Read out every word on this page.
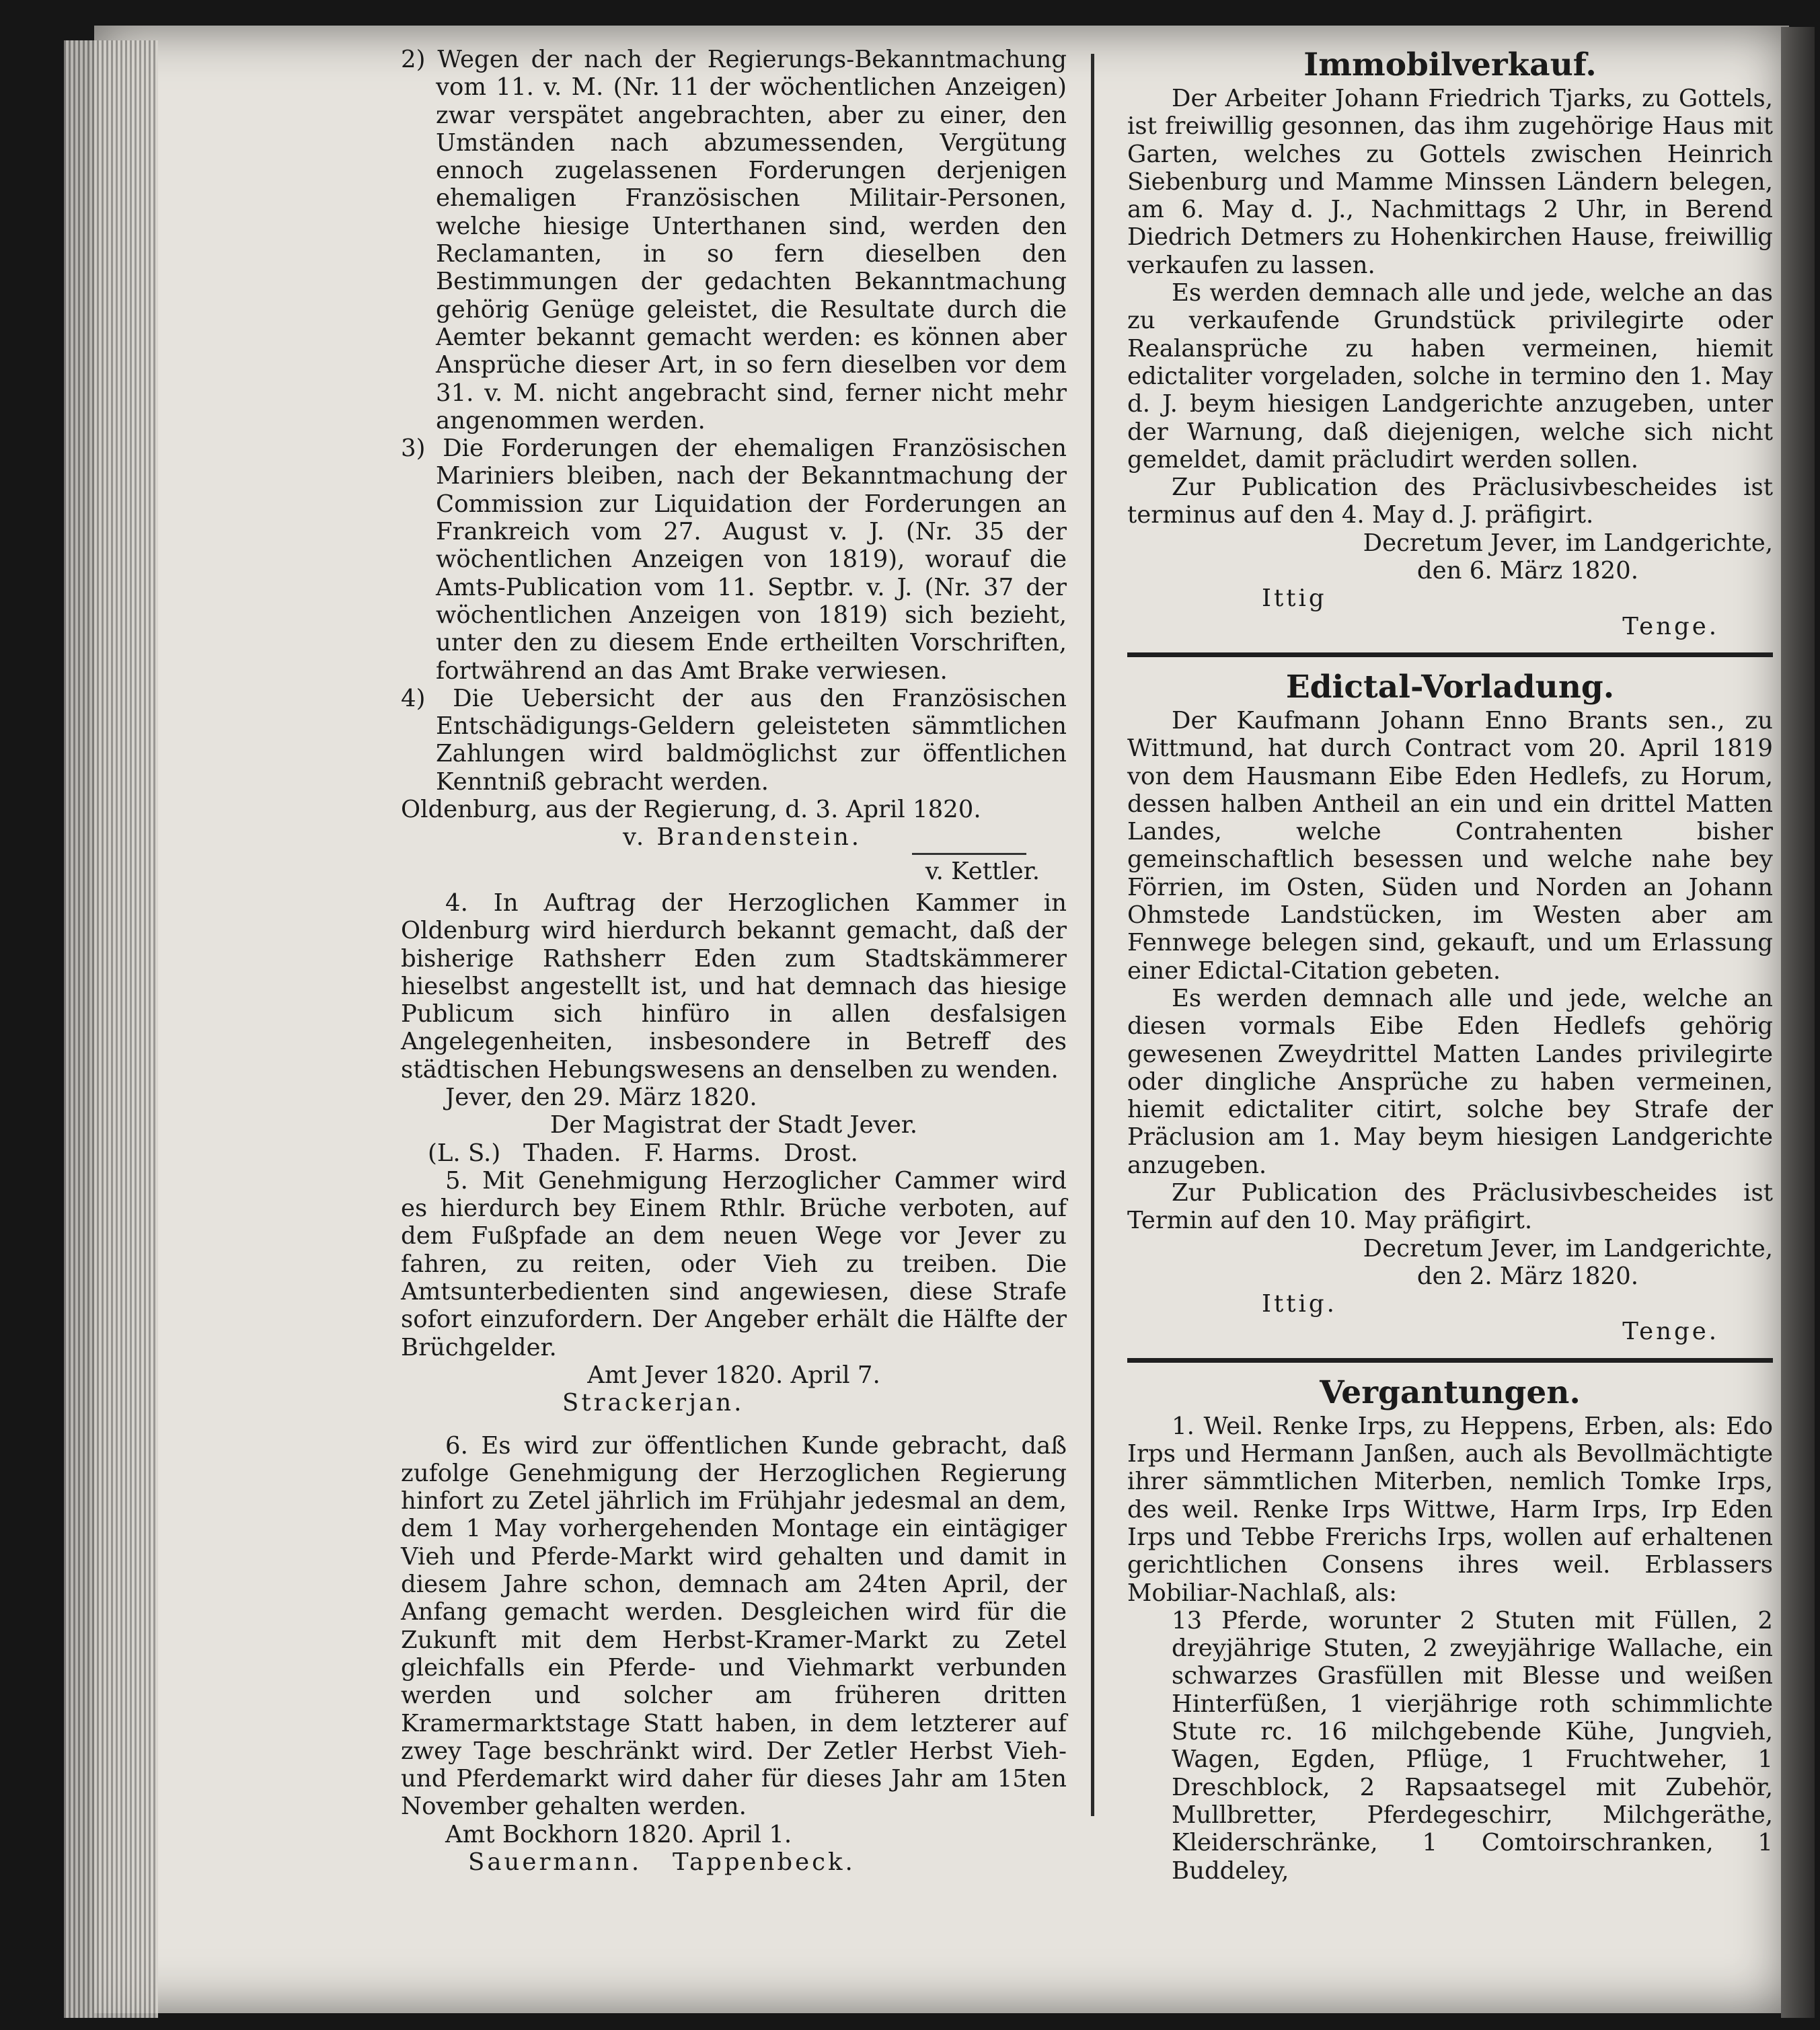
2) Wegen der nach der Regierungs-Bekanntmachung vom 11. v. M. (Nr. 11 der wöchentlichen Anzeigen) zwar verspätet angebrachten, aber zu einer, den Umständen nach abzumessenden, Vergütung ennoch zugelassenen Forderungen derjenigen ehemaligen Französischen Militair-Personen, welche hiesige Unterthanen sind, werden den Reclamanten, in so fern dieselben den Bestimmungen der gedachten Bekanntmachung gehörig Genüge geleistet, die Resultate durch die Aemter bekannt gemacht werden: es können aber Ansprüche dieser Art, in so fern dieselben vor dem 31. v. M. nicht angebracht sind, ferner nicht mehr angenommen werden.

3) Die Forderungen der ehemaligen Französischen Mariniers bleiben, nach der Bekanntmachung der Commission zur Liquidation der Forderungen an Frankreich vom 27. August v. J. (Nr. 35 der wöchentlichen Anzeigen von 1819), worauf die Amts-Publication vom 11. Septbr. v. J. (Nr. 37 der wöchentlichen Anzeigen von 1819) sich bezieht, unter den zu diesem Ende ertheilten Vorschriften, fortwährend an das Amt Brake verwiesen.

4) Die Uebersicht der aus den Französischen Entschädigungs-Geldern geleisteten sämmtlichen Zahlungen wird baldmöglichst zur öffentlichen Kenntniß gebracht werden.

Oldenburg, aus der Regierung, d. 3. April 1820.

v. Brandenstein.

v. Kettler.

4. In Auftrag der Herzoglichen Kammer in Oldenburg wird hierdurch bekannt gemacht, daß der bisherige Rathsherr Eden zum Stadtskämmerer hieselbst angestellt ist, und hat demnach das hiesige Publicum sich hinfüro in allen desfalsigen Angelegenheiten, insbesondere in Betreff des städtischen Hebungswesens an denselben zu wenden.

Jever, den 29. März 1820.

Der Magistrat der Stadt Jever.

(L. S.)   Thaden.   F. Harms.   Drost.

5. Mit Genehmigung Herzoglicher Cammer wird es hierdurch bey Einem Rthlr. Brüche verboten, auf dem Fußpfade an dem neuen Wege vor Jever zu fahren, zu reiten, oder Vieh zu treiben. Die Amtsunterbedienten sind angewiesen, diese Strafe sofort einzufordern. Der Angeber erhält die Hälfte der Brüchgelder.

Amt Jever 1820. April 7.

Strackerjan.

6. Es wird zur öffentlichen Kunde gebracht, daß zufolge Genehmigung der Herzoglichen Regierung hinfort zu Zetel jährlich im Frühjahr jedesmal an dem, dem 1 May vorhergehenden Montage ein eintägiger Vieh und Pferde-Markt wird gehalten und damit in diesem Jahre schon, demnach am 24ten April, der Anfang gemacht werden. Desgleichen wird für die Zukunft mit dem Herbst-Kramer-Markt zu Zetel gleichfalls ein Pferde- und Viehmarkt verbunden werden und solcher am früheren dritten Kramermarktstage Statt haben, in dem letzterer auf zwey Tage beschränkt wird. Der Zetler Herbst Vieh- und Pferdemarkt wird daher für dieses Jahr am 15ten November gehalten werden.

Amt Bockhorn 1820. April 1.

Sauermann.   Tappenbeck.

Immobilverkauf.

Der Arbeiter Johann Friedrich Tjarks, zu Gottels, ist freiwillig gesonnen, das ihm zugehörige Haus mit Garten, welches zu Gottels zwischen Heinrich Siebenburg und Mamme Minssen Ländern belegen, am 6. May d. J., Nachmittags 2 Uhr, in Berend Diedrich Detmers zu Hohenkirchen Hause, freiwillig verkaufen zu lassen.

Es werden demnach alle und jede, welche an das zu verkaufende Grundstück privilegirte oder Realansprüche zu haben vermeinen, hiemit edictaliter vorgeladen, solche in termino den 1. May d. J. beym hiesigen Landgerichte anzugeben, unter der Warnung, daß diejenigen, welche sich nicht gemeldet, damit präcludirt werden sollen.

Zur Publication des Präclusivbescheides ist terminus auf den 4. May d. J. präfigirt.

Decretum Jever, im Landgerichte,

den 6. März 1820.

Ittig

Tenge.

Edictal-Vorladung.

Der Kaufmann Johann Enno Brants sen., zu Wittmund, hat durch Contract vom 20. April 1819 von dem Hausmann Eibe Eden Hedlefs, zu Horum, dessen halben Antheil an ein und ein drittel Matten Landes, welche Contrahenten bisher gemeinschaftlich besessen und welche nahe bey Förrien, im Osten, Süden und Norden an Johann Ohmstede Landstücken, im Westen aber am Fennwege belegen sind, gekauft, und um Erlassung einer Edictal-Citation gebeten.

Es werden demnach alle und jede, welche an diesen vormals Eibe Eden Hedlefs gehörig gewesenen Zweydrittel Matten Landes privilegirte oder dingliche Ansprüche zu haben vermeinen, hiemit edictaliter citirt, solche bey Strafe der Präclusion am 1. May beym hiesigen Landgerichte anzugeben.

Zur Publication des Präclusivbescheides ist Termin auf den 10. May präfigirt.

Decretum Jever, im Landgerichte,

den 2. März 1820.

Ittig.

Tenge.

Vergantungen.

1. Weil. Renke Irps, zu Heppens, Erben, als: Edo Irps und Hermann Janßen, auch als Bevollmächtigte ihrer sämmtlichen Miterben, nemlich Tomke Irps, des weil. Renke Irps Wittwe, Harm Irps, Irp Eden Irps und Tebbe Frerichs Irps, wollen auf erhaltenen gerichtlichen Consens ihres weil. Erblassers Mobiliar-Nachlaß, als:

13 Pferde, worunter 2 Stuten mit Füllen, 2 dreyjährige Stuten, 2 zweyjährige Wallache, ein schwarzes Grasfüllen mit Blesse und weißen Hinterfüßen, 1 vierjährige roth schimmlichte Stute rc. 16 milchgebende Kühe, Jungvieh, Wagen, Egden, Pflüge, 1 Fruchtweher, 1 Dreschblock, 2 Rapsaatsegel mit Zubehör, Mullbretter, Pferdegeschirr, Milchgeräthe, Kleiderschränke, 1 Comtoirschranken, 1 Buddeley,
